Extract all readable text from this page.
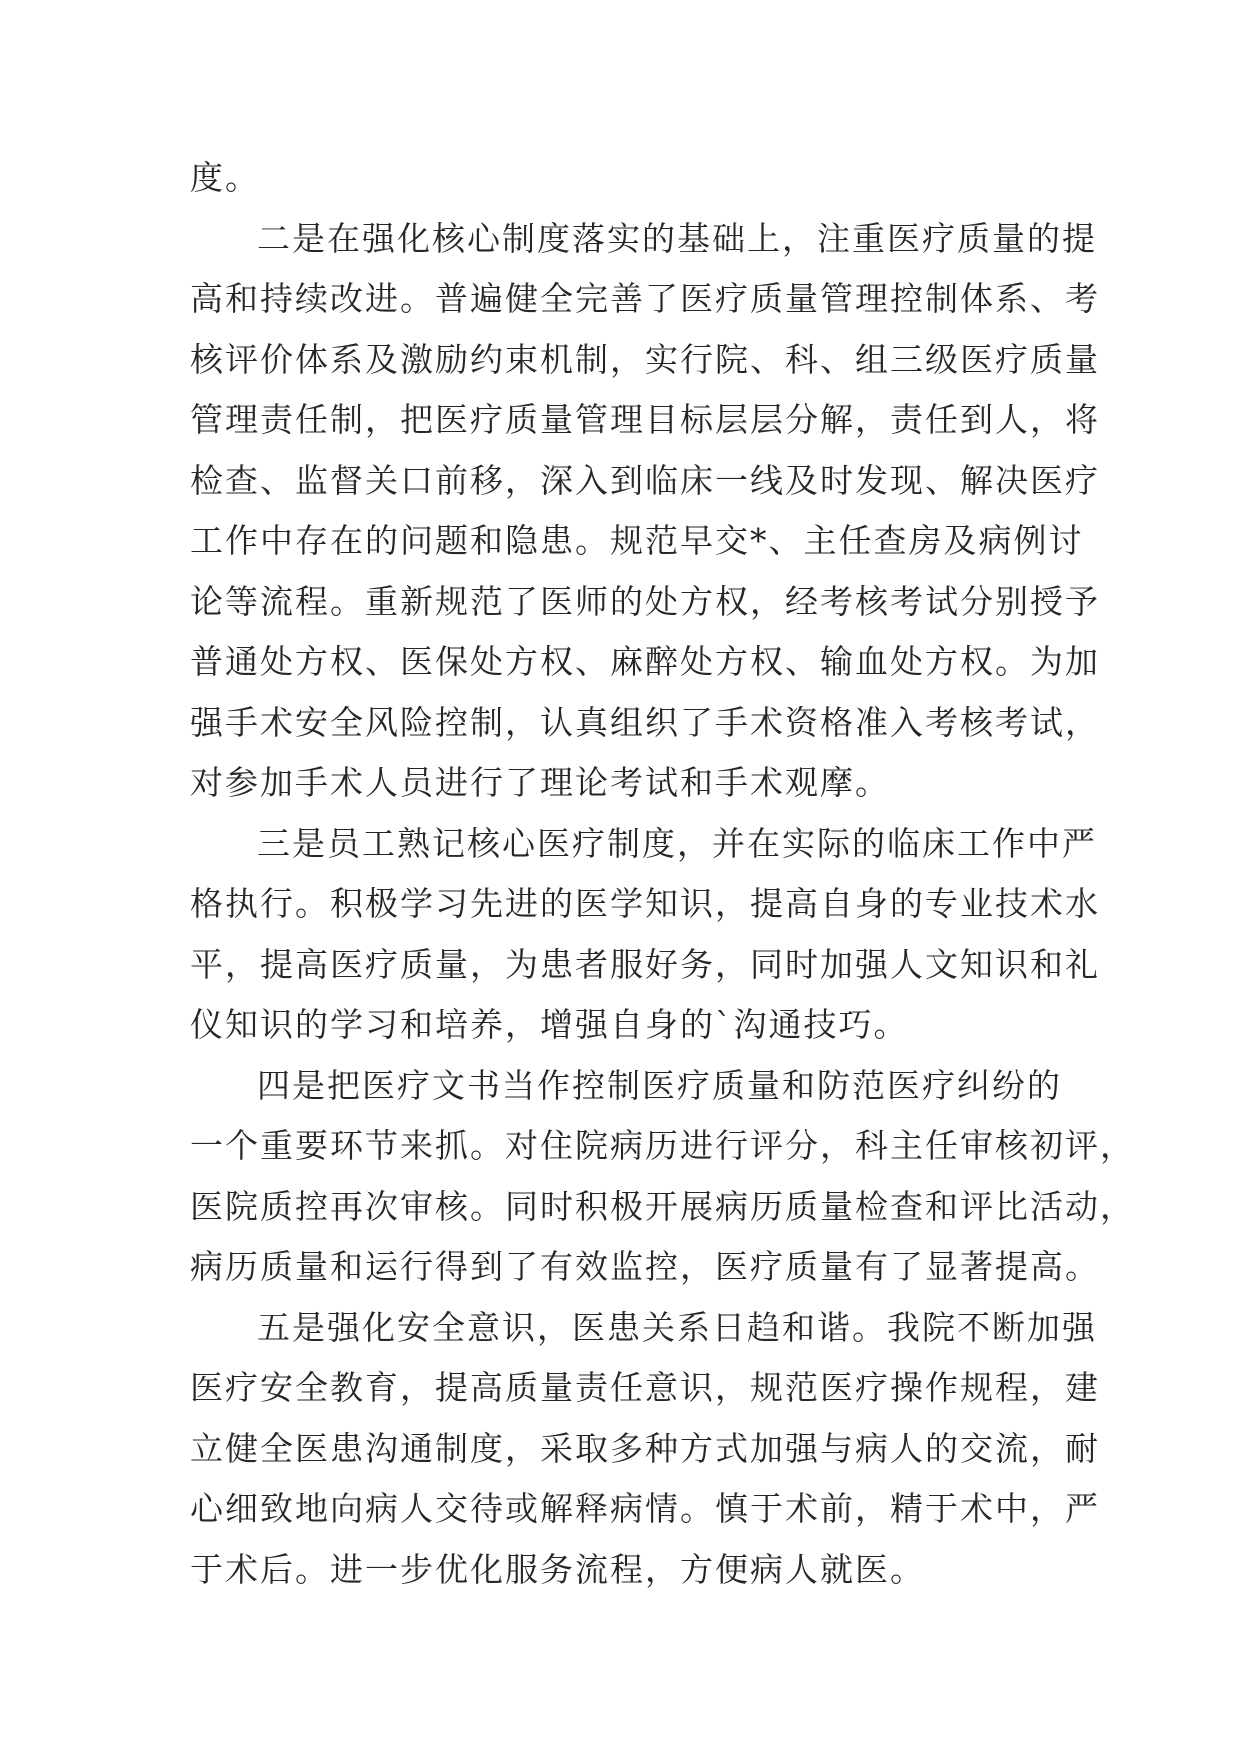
度。
二是在强化核心制度落实的基础上，注重医疗质量的提
高和持续改进。普遍健全完善了医疗质量管理控制体系、考
核评价体系及激励约束机制，实行院、科、组三级医疗质量
管理责任制，把医疗质量管理目标层层分解，责任到人，将
检查、监督关口前移，深入到临床一线及时发现、解决医疗
工作中存在的问题和隐患。规范早交*、主任查房及病例讨
论等流程。重新规范了医师的处方权，经考核考试分别授予
普通处方权、医保处方权、麻醉处方权、输血处方权。为加
强手术安全风险控制，认真组织了手术资格准入考核考试，
对参加手术人员进行了理论考试和手术观摩。
三是员工熟记核心医疗制度，并在实际的临床工作中严
格执行。积极学习先进的医学知识，提高自身的专业技术水
平，提高医疗质量，为患者服好务，同时加强人文知识和礼
仪知识的学习和培养，增强自身的`沟通技巧。
四是把医疗文书当作控制医疗质量和防范医疗纠纷的
一个重要环节来抓。对住院病历进行评分，科主任审核初评，
医院质控再次审核。同时积极开展病历质量检查和评比活动，
病历质量和运行得到了有效监控，医疗质量有了显著提高。
五是强化安全意识，医患关系日趋和谐。我院不断加强
医疗安全教育，提高质量责任意识，规范医疗操作规程，建
立健全医患沟通制度，采取多种方式加强与病人的交流，耐
心细致地向病人交待或解释病情。慎于术前，精于术中，严
于术后。进一步优化服务流程，方便病人就医。
